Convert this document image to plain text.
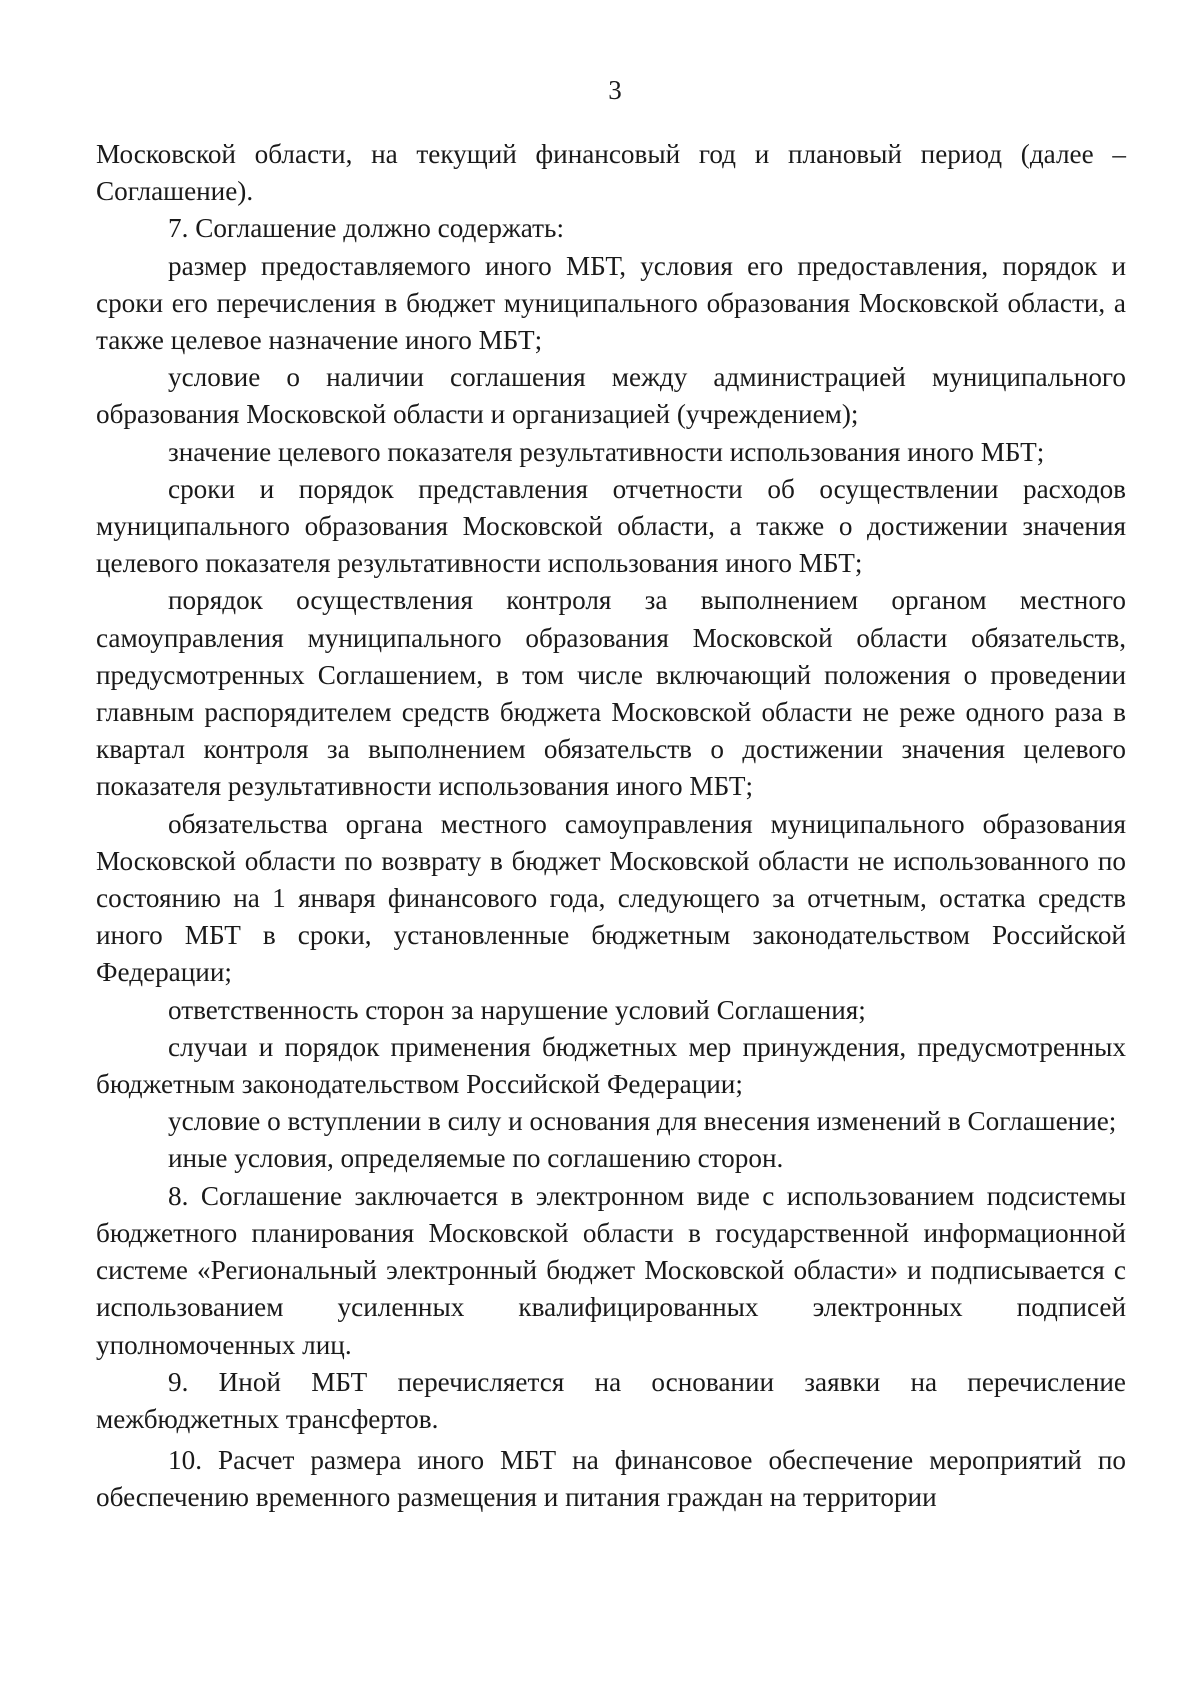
3

Московской области, на текущий финансовый год и плановый период (далее – Соглашение).

7. Соглашение должно содержать:

размер предоставляемого иного МБТ, условия его предоставления, порядок и сроки его перечисления в бюджет муниципального образования Московской области, а также целевое назначение иного МБТ;

условие о наличии соглашения между администрацией муниципального образования Московской области и организацией (учреждением);

значение целевого показателя результативности использования иного МБТ;

сроки и порядок представления отчетности об осуществлении расходов муниципального образования Московской области, а также о достижении значения целевого показателя результативности использования иного МБТ;

порядок осуществления контроля за выполнением органом местного самоуправления муниципального образования Московской области обязательств, предусмотренных Соглашением, в том числе включающий положения о проведении главным распорядителем средств бюджета Московской области не реже одного раза в квартал контроля за выполнением обязательств о достижении значения целевого показателя результативности использования иного МБТ;

обязательства органа местного самоуправления муниципального образования Московской области по возврату в бюджет Московской области не использованного по состоянию на 1 января финансового года, следующего за отчетным, остатка средств иного МБТ в сроки, установленные бюджетным законодательством Российской Федерации;

ответственность сторон за нарушение условий Соглашения;

случаи и порядок применения бюджетных мер принуждения, предусмотренных бюджетным законодательством Российской Федерации;

условие о вступлении в силу и основания для внесения изменений в Соглашение;

иные условия, определяемые по соглашению сторон.

8. Соглашение заключается в электронном виде с использованием подсистемы бюджетного планирования Московской области в государственной информационной системе «Региональный электронный бюджет Московской области» и подписывается с использованием усиленных квалифицированных электронных подписей уполномоченных лиц.

9. Иной МБТ перечисляется на основании заявки на перечисление межбюджетных трансфертов.

10. Расчет размера иного МБТ на финансовое обеспечение мероприятий по обеспечению временного размещения и питания граждан на территории
